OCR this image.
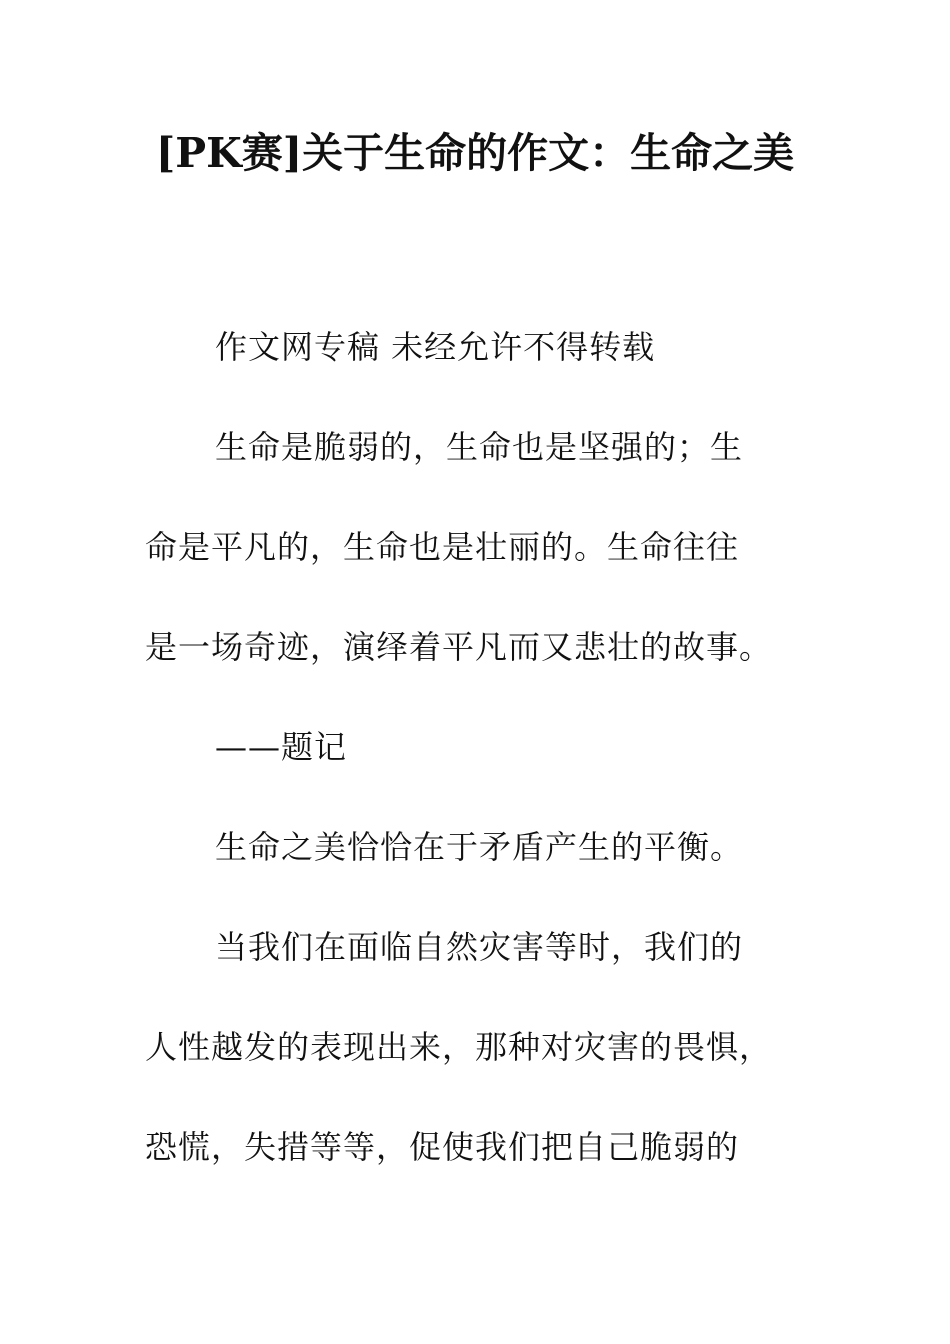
[PK赛]关于生命的作文：生命之美
作文网专稿 未经允许不得转载
生命是脆弱的，生命也是坚强的；生
命是平凡的，生命也是壮丽的。生命往往
是一场奇迹，演绎着平凡而又悲壮的故事。
——题记
生命之美恰恰在于矛盾产生的平衡。
当我们在面临自然灾害等时，我们的
人性越发的表现出来，那种对灾害的畏惧，
恐慌，失措等等，促使我们把自己脆弱的
